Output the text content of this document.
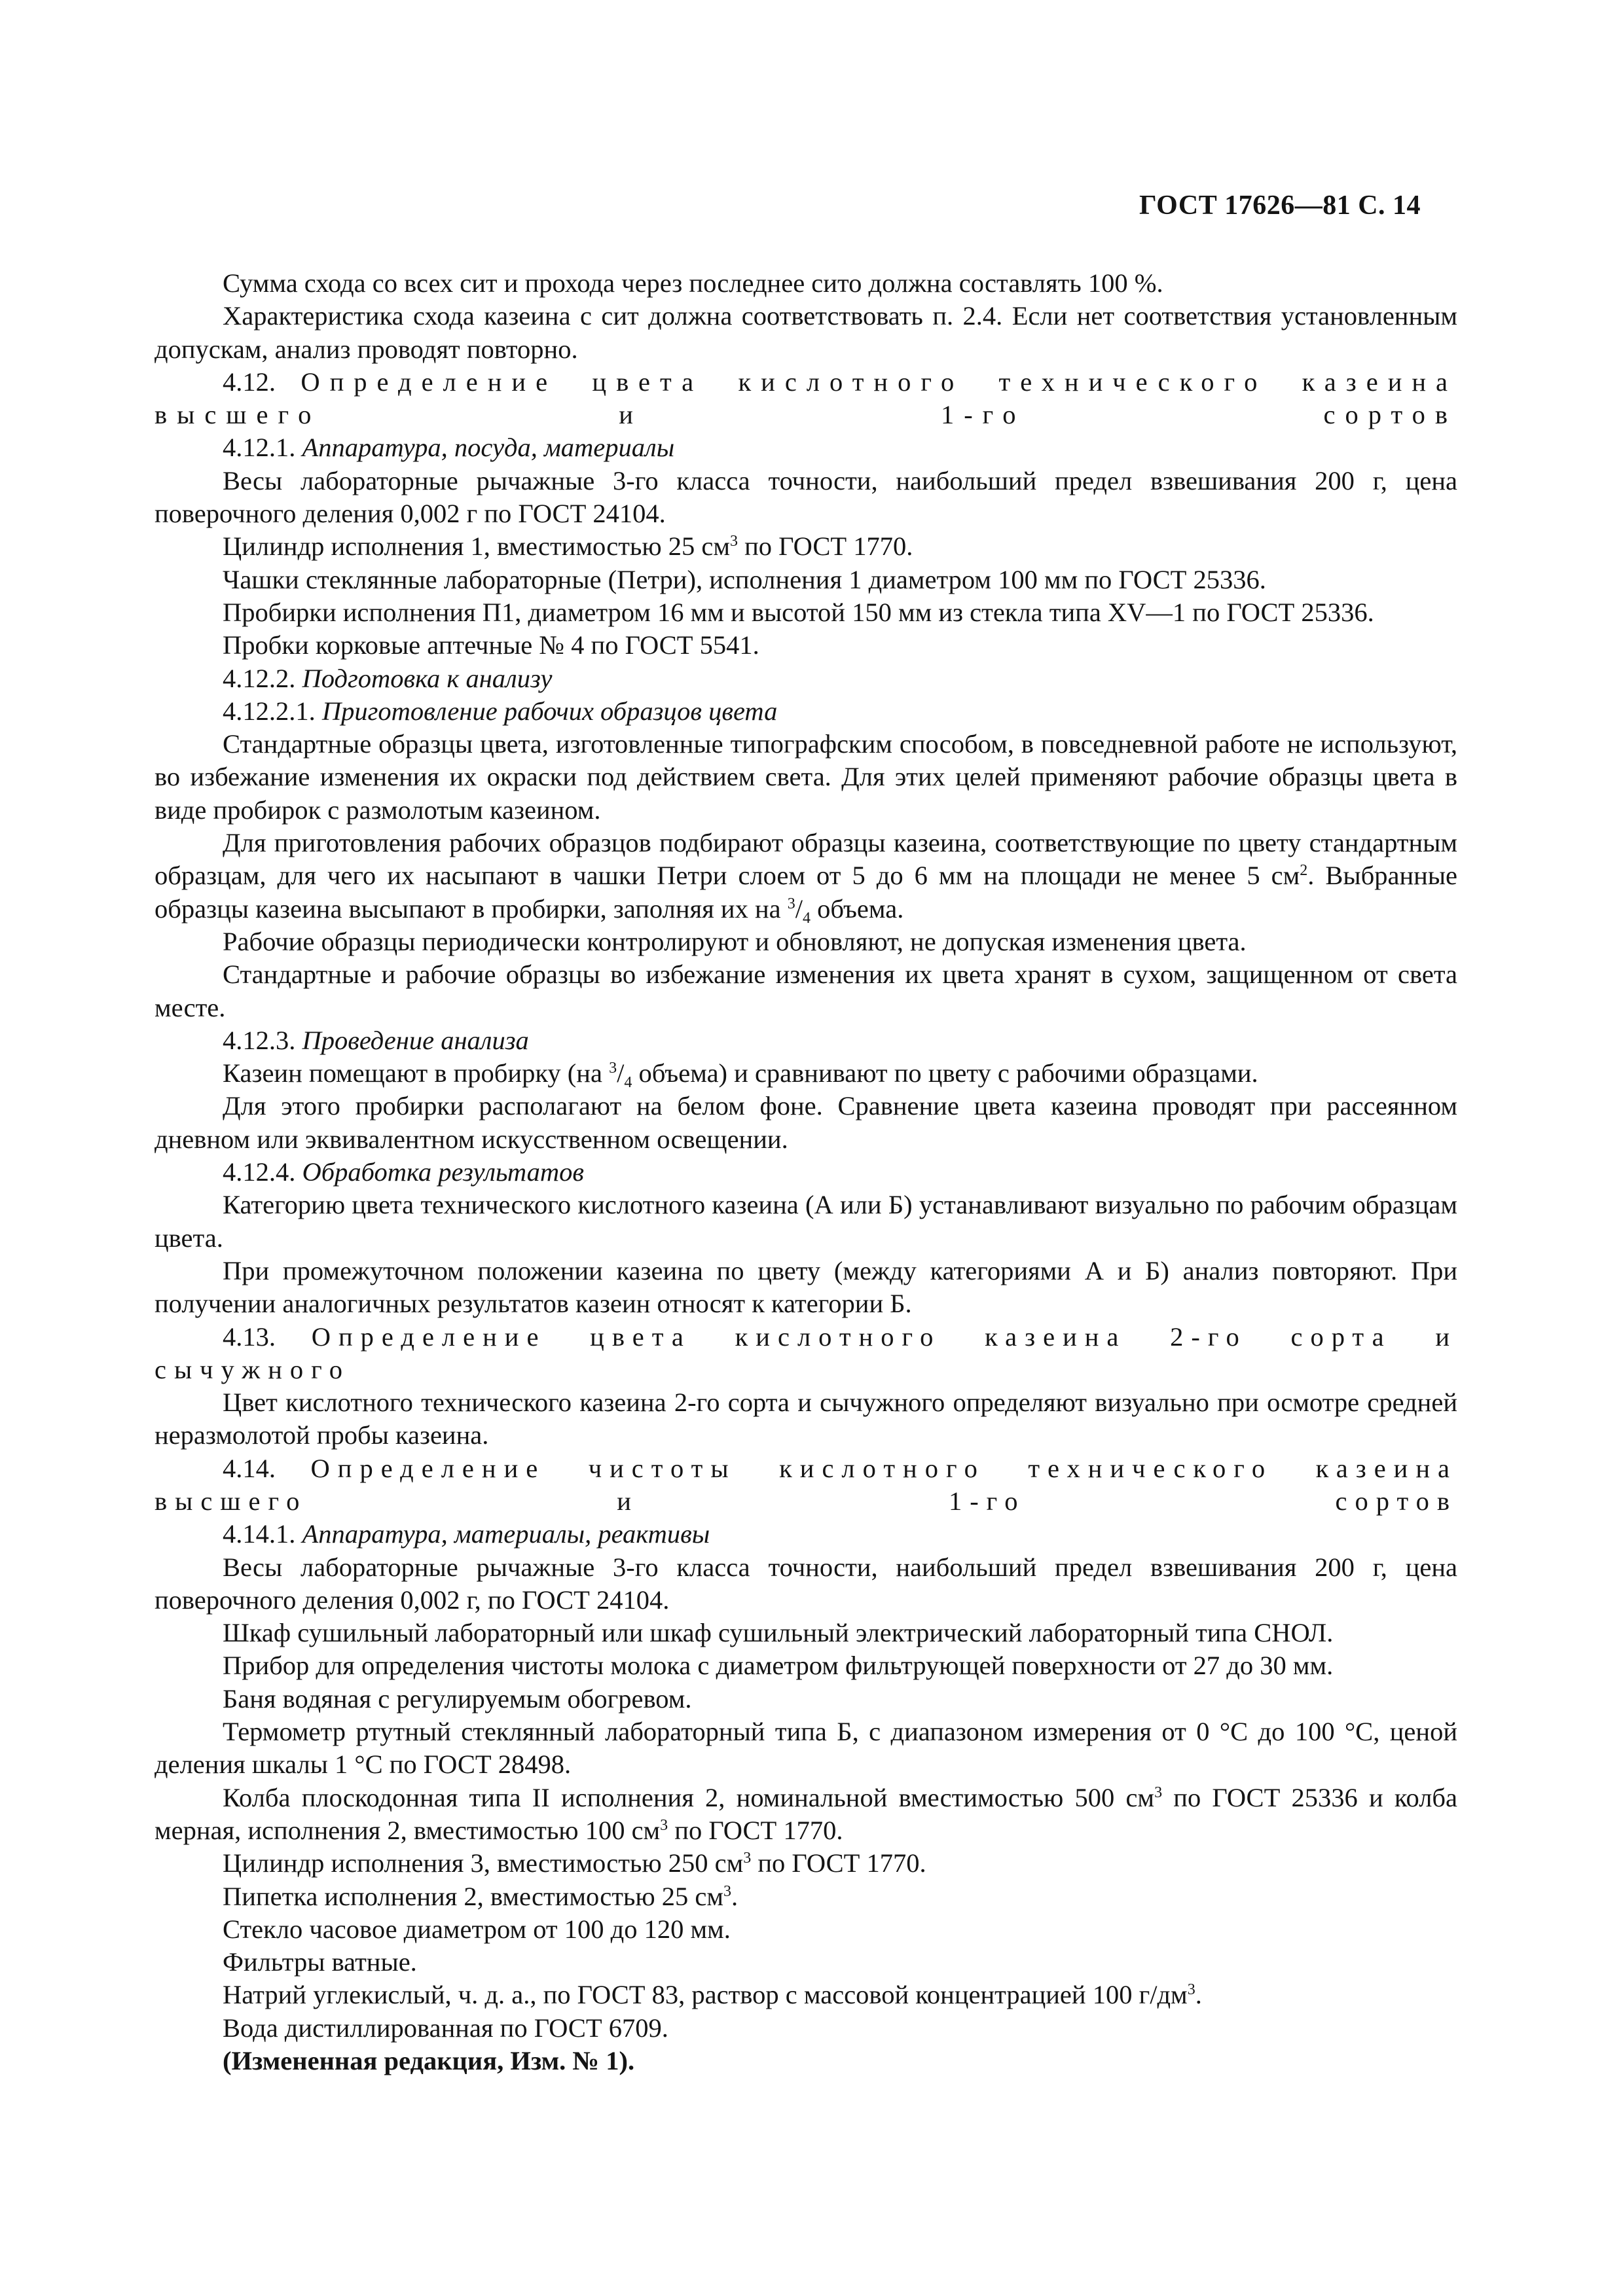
ГОСТ 17626—81 С. 14

Сумма схода со всех сит и прохода через последнее сито должна составлять 100 %.

Характеристика схода казеина с сит должна соответствовать п. 2.4. Если нет соответствия установленным допускам, анализ проводят повторно.

4.12. Определение цвета кислотного технического казеина высшего и 1-го сортов

4.12.1. Аппаратура, посуда, материалы

Весы лабораторные рычажные 3-го класса точности, наибольший предел взвешивания 200 г, цена поверочного деления 0,002 г по ГОСТ 24104.

Цилиндр исполнения 1, вместимостью 25 $см^3$ по ГОСТ 1770.

Чашки стеклянные лабораторные (Петри), исполнения 1 диаметром 100 мм по ГОСТ 25336.

Пробирки исполнения П1, диаметром 16 мм и высотой 150 мм из стекла типа XV—1 по ГОСТ 25336.

Пробки корковые аптечные № 4 по ГОСТ 5541.

4.12.2. Подготовка к анализу

4.12.2.1. Приготовление рабочих образцов цвета

Стандартные образцы цвета, изготовленные типографским способом, в повседневной работе не используют, во избежание изменения их окраски под действием света. Для этих целей применяют рабочие образцы цвета в виде пробирок с размолотым казеином.

Для приготовления рабочих образцов подбирают образцы казеина, соответствующие по цвету стандартным образцам, для чего их насыпают в чашки Петри слоем от 5 до 6 мм на площади не менее 5 $см^2$. Выбранные образцы казеина высыпают в пробирки, заполняя их на $^3/_4$ объема.

Рабочие образцы периодически контролируют и обновляют, не допуская изменения цвета.

Стандартные и рабочие образцы во избежание изменения их цвета хранят в сухом, защищенном от света месте.

4.12.3. Проведение анализа

Казеин помещают в пробирку (на $^3/_4$ объема) и сравнивают по цвету с рабочими образцами.

Для этого пробирки располагают на белом фоне. Сравнение цвета казеина проводят при рассеянном дневном или эквивалентном искусственном освещении.

4.12.4. Обработка результатов

Категорию цвета технического кислотного казеина (А или Б) устанавливают визуально по рабочим образцам цвета.

При промежуточном положении казеина по цвету (между категориями А и Б) анализ повторяют. При получении аналогичных результатов казеин относят к категории Б.

4.13. Определение цвета кислотного казеина 2-го сорта и сычужного

Цвет кислотного технического казеина 2-го сорта и сычужного определяют визуально при осмотре средней неразмолотой пробы казеина.

4.14. Определение чистоты кислотного технического казеина высшего и 1-го сортов

4.14.1. Аппаратура, материалы, реактивы

Весы лабораторные рычажные 3-го класса точности, наибольший предел взвешивания 200 г, цена поверочного деления 0,002 г, по ГОСТ 24104.

Шкаф сушильный лабораторный или шкаф сушильный электрический лабораторный типа СНОЛ.

Прибор для определения чистоты молока с диаметром фильтрующей поверхности от 27 до 30 мм.

Баня водяная с регулируемым обогревом.

Термометр ртутный стеклянный лабораторный типа Б, с диапазоном измерения от 0 °С до 100 °С, ценой деления шкалы 1 °С по ГОСТ 28498.

Колба плоскодонная типа II исполнения 2, номинальной вместимостью 500 $см^3$ по ГОСТ 25336 и колба мерная, исполнения 2, вместимостью 100 $см^3$ по ГОСТ 1770.

Цилиндр исполнения 3, вместимостью 250 $см^3$ по ГОСТ 1770.

Пипетка исполнения 2, вместимостью 25 $см^3$.

Стекло часовое диаметром от 100 до 120 мм.

Фильтры ватные.

Натрий углекислый, ч. д. а., по ГОСТ 83, раствор с массовой концентрацией 100 $г/дм^3$.

Вода дистиллированная по ГОСТ 6709.

(Измененная редакция, Изм. № 1).
